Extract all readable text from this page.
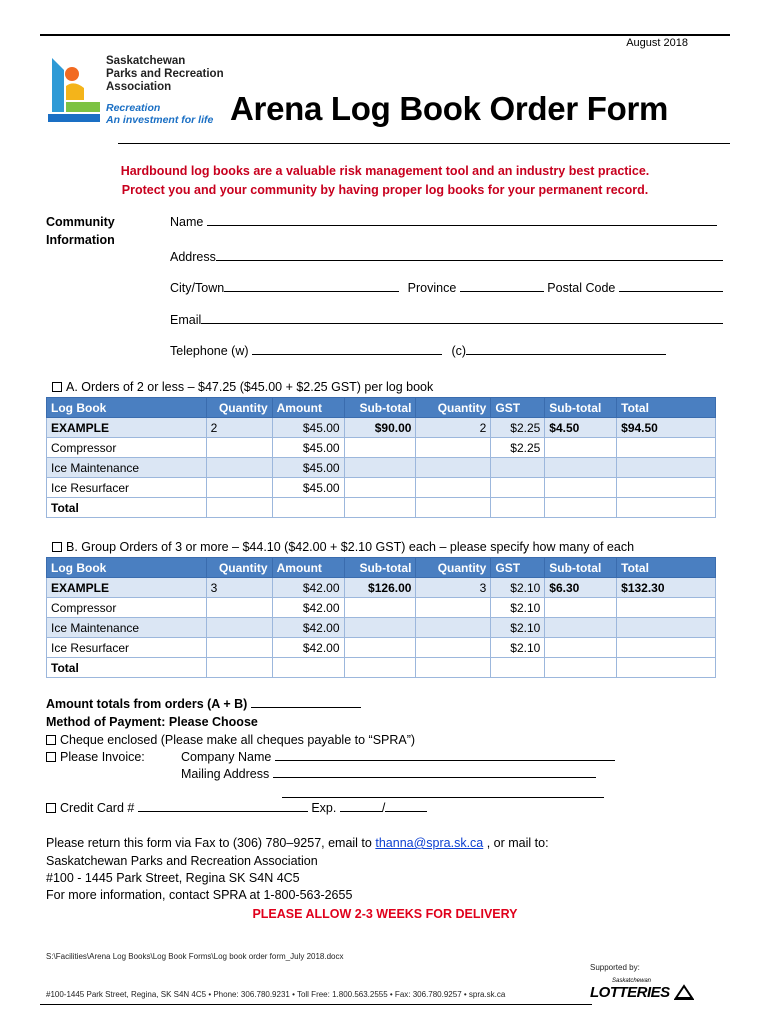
August 2018
Saskatchewan
Parks and Recreation
Association
Recreation
An investment for life Arena Log Book Order Form
Hardbound log books are a valuable risk management tool and an industry best practice.
Protect you and your community by having proper log books for your permanent record.
Community
Information
Name
Address
City/Town	Province	Postal Code
Email
Telephone (w)	(c)
A. Orders of 2 or less – $47.25 ($45.00 + $2.25 GST) per log book
Log Book	Quantity	Amount	Sub-total	Quantity	GST	Sub-total	Total
EXAMPLE	2	$45.00	$90.00	2	$2.25	$4.50	$94.50
Compressor		$45.00			$2.25		
Ice Maintenance		$45.00					
Ice Resurfacer		$45.00					
Total							
B. Group Orders of 3 or more – $44.10 ($42.00 + $2.10 GST) each – please specify how many of each
Log Book	Quantity	Amount	Sub-total	Quantity	GST	Sub-total	Total
EXAMPLE	3	$42.00	$126.00	3	$2.10	$6.30	$132.30
Compressor		$42.00			$2.10		
Ice Maintenance		$42.00			$2.10		
Ice Resurfacer		$42.00			$2.10		
Total							
Amount totals from orders (A + B)
Method of Payment: Please Choose
Cheque enclosed (Please make all cheques payable to “SPRA”)
Please Invoice:	Company Name
Mailing Address
Credit Card #	Exp.	/
Please return this form via Fax to (306) 780–9257, email to thanna@spra.sk.ca , or mail to:
Saskatchewan Parks and Recreation Association
#100 - 1445 Park Street, Regina SK S4N 4C5
For more information, contact SPRA at 1-800-563-2655
PLEASE ALLOW 2-3 WEEKS FOR DELIVERY
S:\Facilities\Arena Log Books\Log Book Forms\Log book order form_July 2018.docx
Supported by:
#100-1445 Park Street, Regina, SK S4N 4C5 • Phone: 306.780.9231 • Toll Free: 1.800.563.2555 • Fax: 306.780.9257 • spra.sk.ca
Saskatchewan
LOTTERIES
